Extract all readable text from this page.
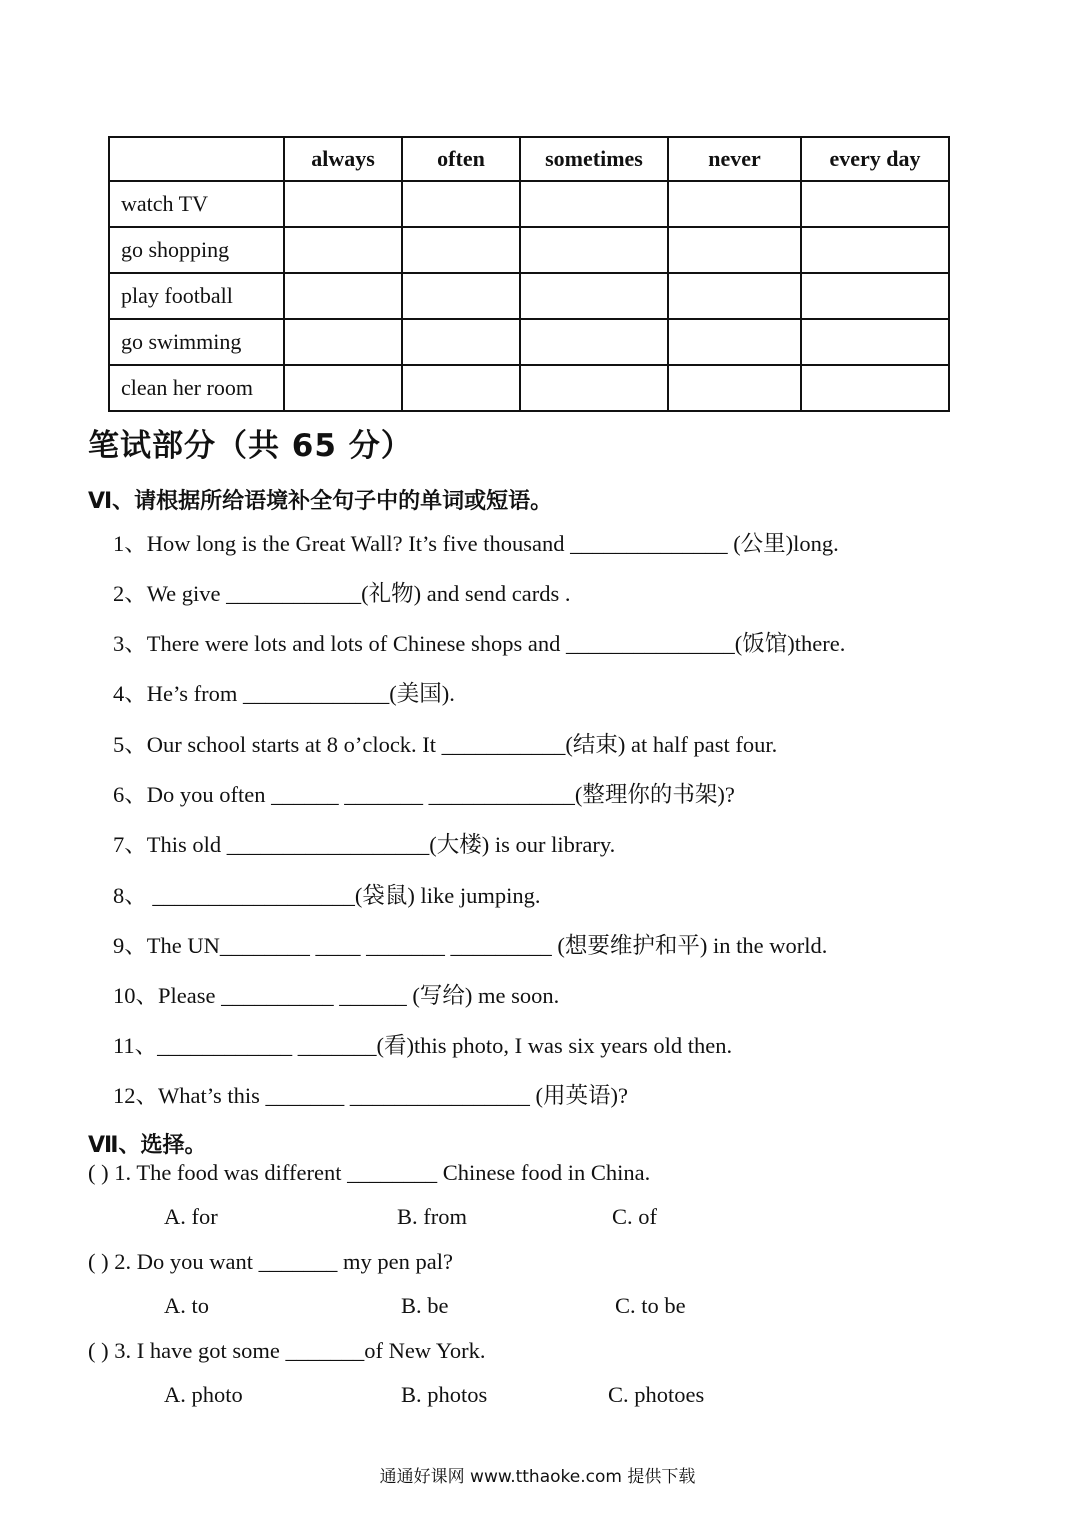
	always	often	sometimes	never	every day
watch TV					
go shopping					
play football					
go swimming					
clean her room					
笔试部分（共 65 分）
Ⅵ、请根据所给语境补全句子中的单词或短语。
1、How long is the Great Wall? It’s five thousand ______________ (公里)long.
2、We give ____________(礼物) and send cards .
3、There were lots and lots of Chinese shops and _______________(饭馆)there.
4、He’s from _____________(美国).
5、Our school starts at 8 o’clock. It ___________(结束) at half past four.
6、Do you often ______ _______ _____________(整理你的书架)?
7、This old __________________(大楼) is our library.
8、 __________________(袋鼠) like jumping.
9、The UN________ ____ _______ _________ (想要维护和平) in the world.
10、Please __________ ______ (写给) me soon.
11、____________ _______(看)this photo, I was six years old then.
12、What’s this _______ ________________ (用英语)?
Ⅶ、选择。
( ) 1. The food was different ________ Chinese food in China.
A. for	B. from	C. of
( ) 2. Do you want _______ my pen pal?
A. to	B. be	C. to be
( ) 3. I have got some _______of New York.
A. photo	B. photos	C. photoes
通通好课网 www.tthaoke.com 提供下载
